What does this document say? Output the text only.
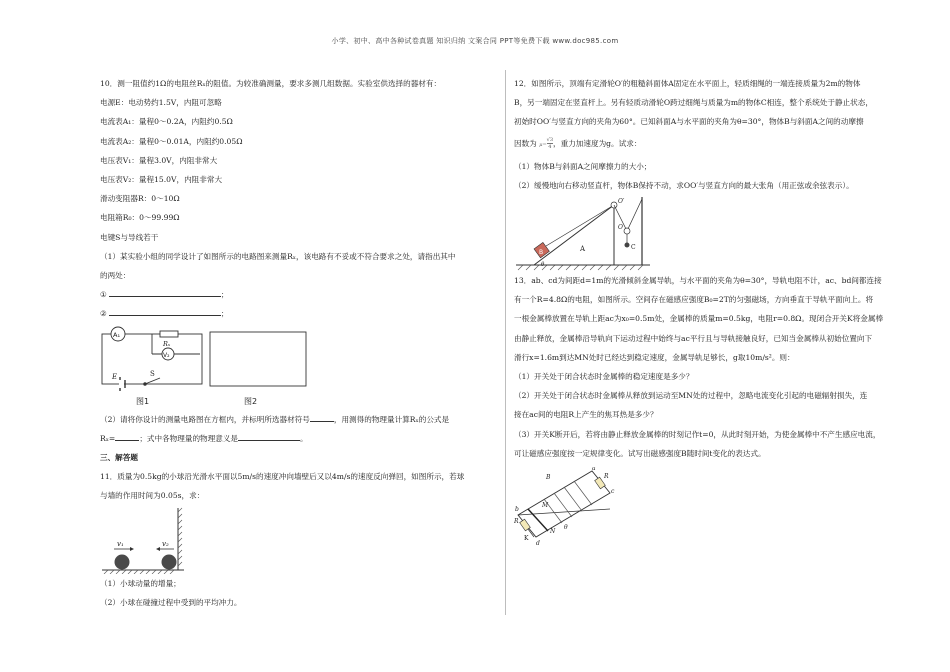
小学、初中、高中各种试卷真题 知识归纳 文案合同 PPT等免费下载 www.doc985.com

10．测一阻值约1Ω的电阻丝Rₓ的阻值。为较准确测量，要求多测几组数据。实验室供选择的器材有：

电源E：电动势约1.5V，内阻可忽略

电流表A₁：量程0～0.2A，内阻约0.5Ω

电流表A₂：量程0～0.01A，内阻约0.05Ω

电压表V₁：量程3.0V，内阻非常大

电压表V₂：量程15.0V，内阻非常大

滑动变阻器R：0～10Ω

电阻箱R₀：0～99.99Ω

电键S与导线若干

（1）某实验小组的同学设计了如图所示的电路图来测量Rₓ，该电路有不妥或不符合要求之处，请指出其中

的两处：

①	；

②	；

A₁
Rₓ
V₂
E	S
图1	图2

（2）请将你设计的测量电路图在方框内，并标明所选器材符号	，用测得的物理量计算Rₓ的公式是

Rₓ=	；式中各物理量的物理意义是	。

三、解答题

11．质量为0.5kg的小球沿光滑水平面以5m/s的速度冲向墙壁后又以4m/s的速度反向弹回，如图所示，若球

与墙的作用时间为0.05s，求：

v₁	v₂

（1）小球动量的增量；

（2）小球在碰撞过程中受到的平均冲力。

12．如图所示，顶端有定滑轮O′的粗糙斜面体A固定在水平面上，轻质细绳的一端连接质量为2m的物体

B，另一端固定在竖直杆上。另有轻质动滑轮O跨过细绳与质量为m的物体C相连，整个系统处于静止状态，

初始时OO′与竖直方向的夹角为60°。已知斜面A与水平面的夹角为θ=30°，物体B与斜面A之间的动摩擦

因数为 $\mu= \frac{√3}{4}$ ，重力加速度为g。试求：

（1）物体B与斜面A之间摩擦力的大小；

（2）缓慢地向右移动竖直杆，物体B保持不动，求OO′与竖直方向的最大张角（用正弦或余弦表示）。

B	A
θ
O′
O
C

13．ab、cd为间距d=1m的光滑倾斜金属导轨，与水平面的夹角为θ=30°，导轨电阻不计，ac、bd间都连接

有一个R=4.8Ω的电阻，如图所示。空间存在磁感应强度B₀=2T的匀强磁场，方向垂直于导轨平面向上。将

一根金属棒放置在导轨上距ac为x₀=0.5m处，金属棒的质量m=0.5kg，电阻r=0.8Ω。现闭合开关K将金属棒

由静止释放，金属棒沿导轨向下运动过程中始终与ac平行且与导轨接触良好，已知当金属棒从初始位置向下

滑行x=1.6m到达MN处时已经达到稳定速度，金属导轨足够长，g取10m/s²。则：

（1）开关处于闭合状态时金属棒的稳定速度是多少？

（2）开关处于闭合状态时金属棒从释放到运动至MN处的过程中，忽略电流变化引起的电磁辐射损失，连

接在ac间的电阻R上产生的焦耳热是多少？

（3）开关K断开后，若将由静止释放金属棒的时刻记作t=0，从此时刻开始，为使金属棒中不产生感应电流，

可让磁感应强度按一定规律变化。试写出磁感强度B随时间t变化的表达式。

a
b
c
d
R
R
K
M
N
B
θ
